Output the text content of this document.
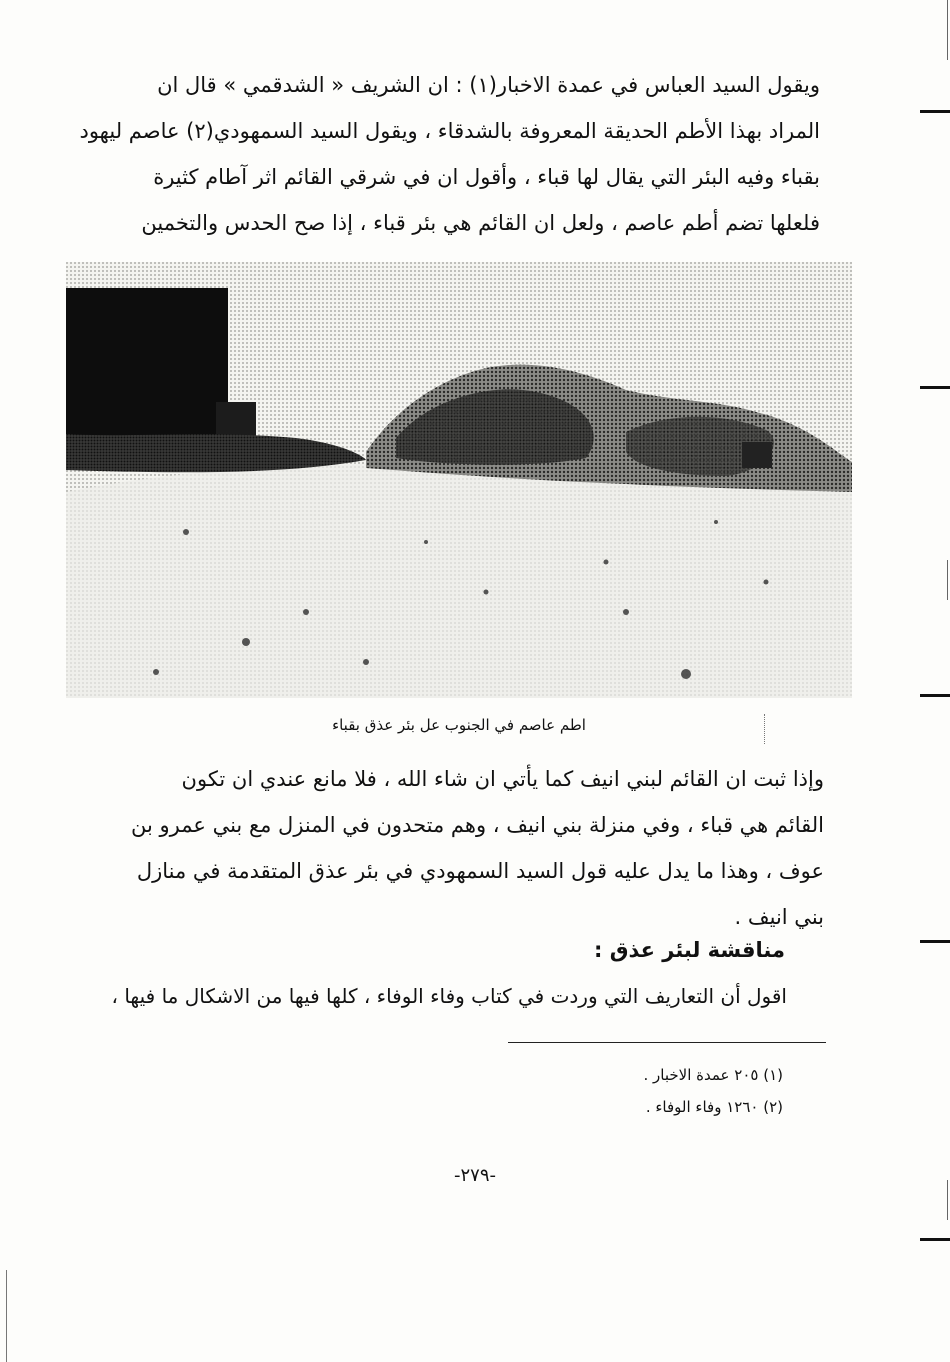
ويقول السيد العباس في عمدة الاخبار(١) : ان الشريف « الشدقمي » قال ان
المراد بهذا الأطم الحديقة المعروفة بالشدقاء ، ويقول السيد السمهودي(٢) عاصم ليهود
بقباء وفيه البئر التي يقال لها قباء ، وأقول ان في شرقي القائم اثر آطام كثيرة
فلعلها تضم أطم عاصم ، ولعل ان القائم هي بئر قباء ، إذا صح الحدس والتخمين
اطم عاصم في الجنوب عل بئر عذق بقباء
وإذا ثبت ان القائم لبني انيف كما يأتي ان شاء الله ، فلا مانع عندي ان تكون
القائم هي قباء ، وفي منزلة بني انيف ، وهم متحدون في المنزل مع بني عمرو بن
عوف ، وهذا ما يدل عليه قول السيد السمهودي في بئر عذق المتقدمة في منازل
بني انيف .
مناقشة لبئر عذق :
اقول أن التعاريف التي وردت في كتاب وفاء الوفاء ، كلها فيها من الاشكال ما فيها ،
(١) ٢٠٥ عمدة الاخبار .
(٢) ١٢٦٠ وفاء الوفاء .
-٢٧٩-
